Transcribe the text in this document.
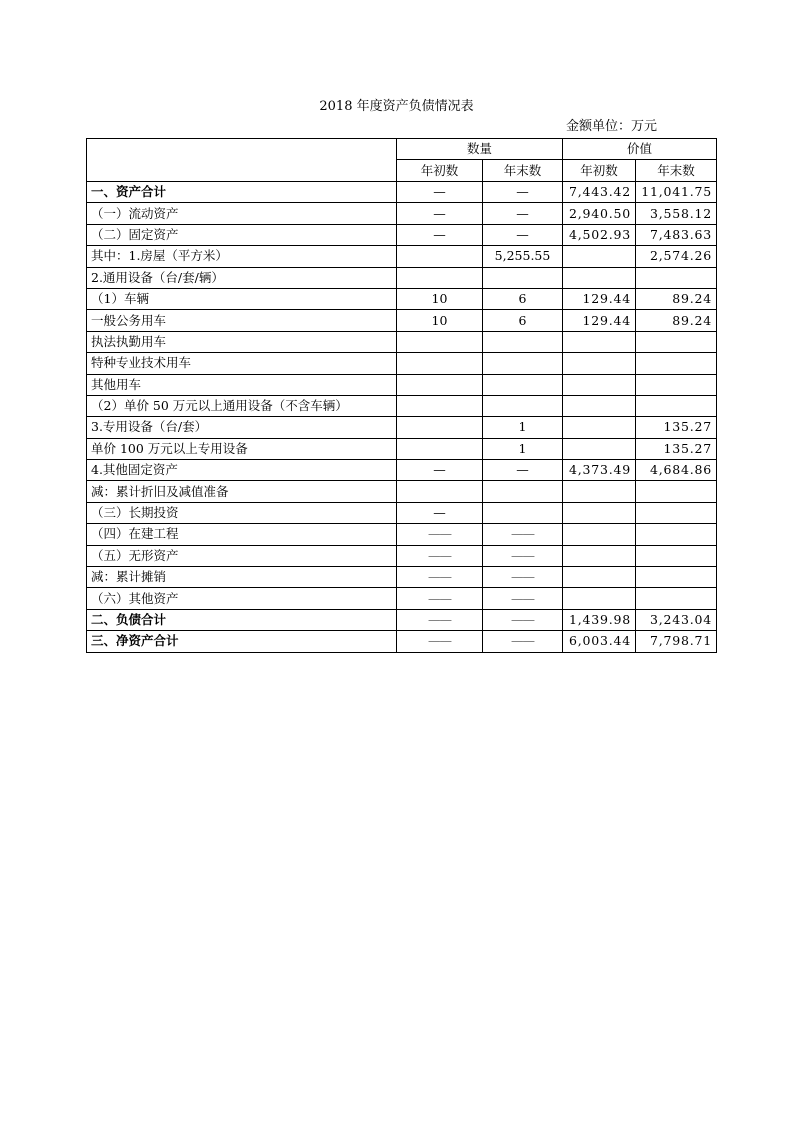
2018 年度资产负债情况表
金额单位：万元
	数量		价值	
	年初数	年末数	年初数	年末数
一、资产合计	—	—	7,443.42	11,041.75
（一）流动资产	—	—	2,940.50	3,558.12
（二）固定资产	—	—	4,502.93	7,483.63
其中：1.房屋（平方米）		5,255.55		2,574.26
2.通用设备（台/套/辆）				
（1）车辆	10	6	129.44	89.24
一般公务用车	10	6	129.44	89.24
执法执勤用车				
特种专业技术用车				
其他用车				
（2）单价 50 万元以上通用设备（不含车辆）				
3.专用设备（台/套）		1		135.27
单价 100 万元以上专用设备		1		135.27
4.其他固定资产	—	—	4,373.49	4,684.86
减：累计折旧及减值准备				
（三）长期投资	—			
（四）在建工程	——	——		
（五）无形资产	——	——		
减：累计摊销	——	——		
（六）其他资产	——	——		
二、负债合计	——	——	1,439.98	3,243.04
三、净资产合计	——	——	6,003.44	7,798.71
